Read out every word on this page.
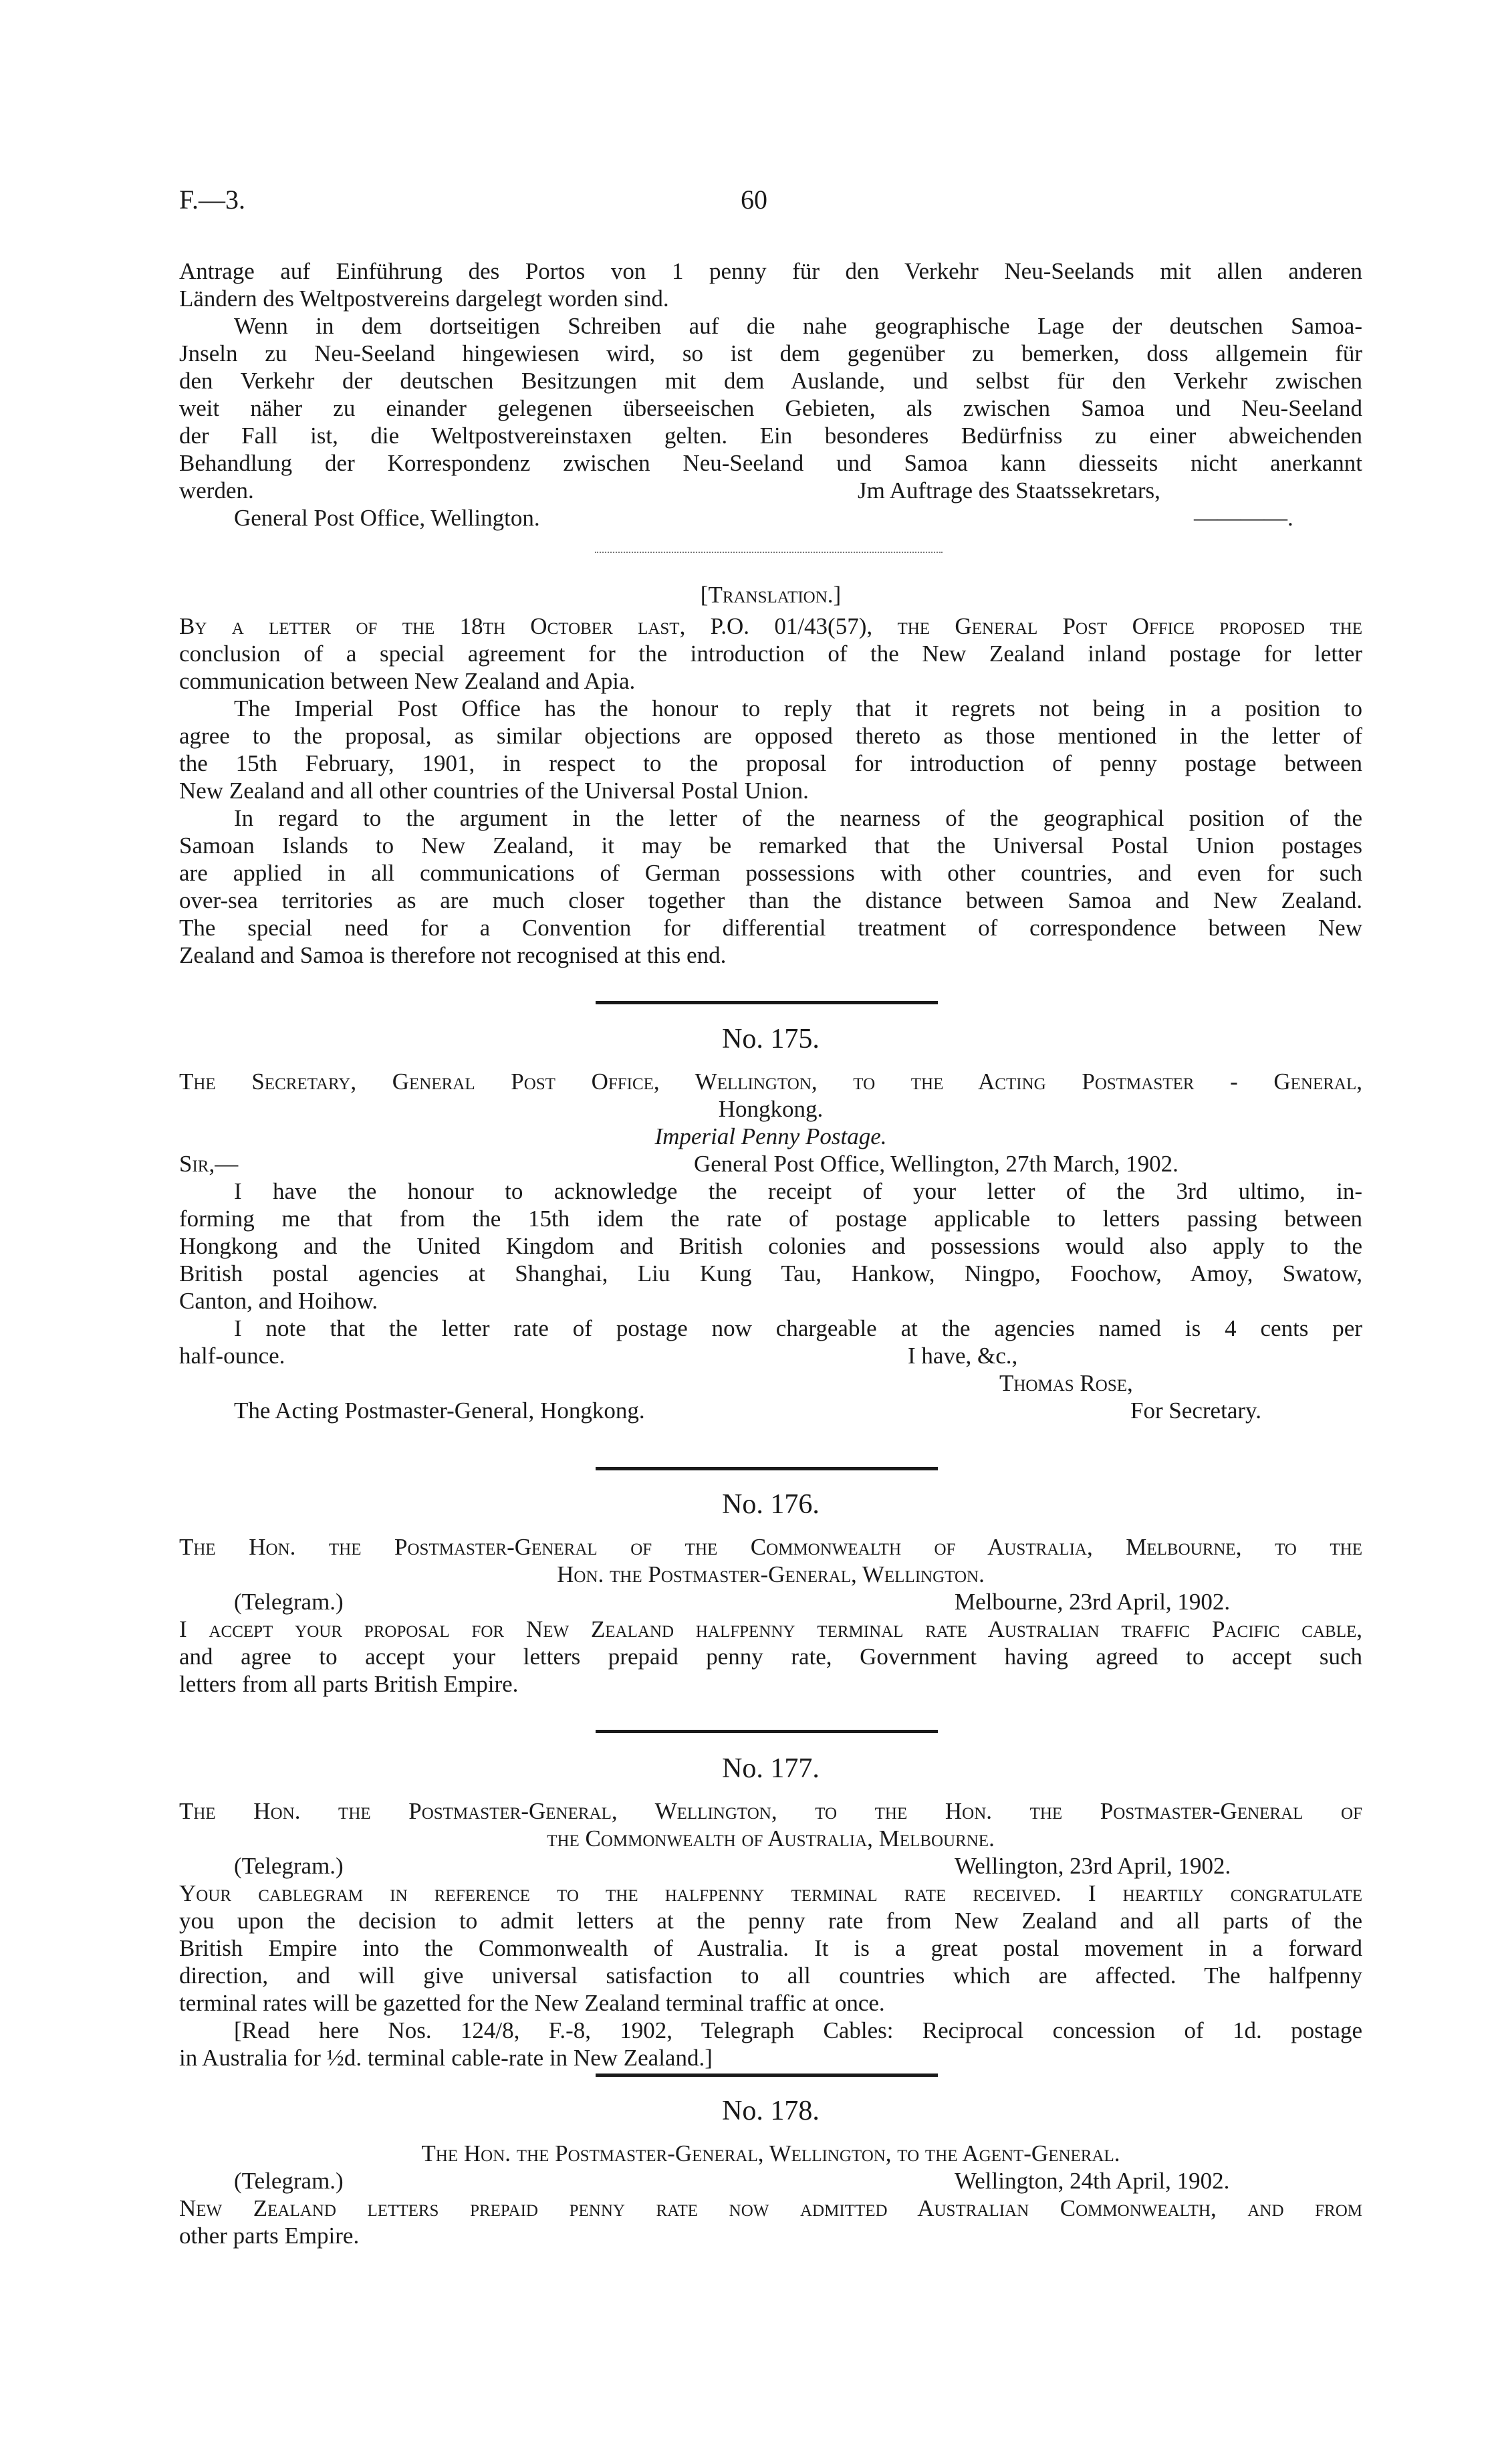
F.—3.	60

Antrage auf Einführung des Portos von 1 penny für den Verkehr Neu-Seelands mit allen anderen

Ländern des Weltpostvereins dargelegt worden sind.

Wenn in dem dortseitigen Schreiben auf die nahe geographische Lage der deutschen Samoa-

Jnseln zu Neu-Seeland hingewiesen wird, so ist dem gegenüber zu bemerken, doss allgemein für

den Verkehr der deutschen Besitzungen mit dem Auslande, und selbst für den Verkehr zwischen

weit näher zu einander gelegenen überseeischen Gebieten, als zwischen Samoa und Neu-Seeland

der Fall ist, die Weltpostvereinstaxen gelten. Ein besonderes Bedürfniss zu einer abweichenden

Behandlung der Korrespondenz zwischen Neu-Seeland und Samoa kann diesseits nicht anerkannt

werden.	Jm Auftrage des Staatssekretars,
General Post Office, Wellington.	————.
[Translation.]

By a letter of the 18th October last, P.O. 01/43(57), the General Post Office proposed the

conclusion of a special agreement for the introduction of the New Zealand inland postage for letter

communication between New Zealand and Apia.

The Imperial Post Office has the honour to reply that it regrets not being in a position to

agree to the proposal, as similar objections are opposed thereto as those mentioned in the letter of

the 15th February, 1901, in respect to the proposal for introduction of penny postage between

New Zealand and all other countries of the Universal Postal Union.

In regard to the argument in the letter of the nearness of the geographical position of the

Samoan Islands to New Zealand, it may be remarked that the Universal Postal Union postages

are applied in all communications of German possessions with other countries, and even for such

over-sea territories as are much closer together than the distance between Samoa and New Zealand.

The special need for a Convention for differential treatment of correspondence between New

Zealand and Samoa is therefore not recognised at this end.

No. 175.

The Secretary, General Post Office, Wellington, to the Acting Postmaster - General,

Hongkong.

Imperial Penny Postage.

Sir,—	General Post Office, Wellington, 27th March, 1902.

I have the honour to acknowledge the receipt of your letter of the 3rd ultimo, in-

forming me that from the 15th idem the rate of postage applicable to letters passing between

Hongkong and the United Kingdom and British colonies and possessions would also apply to the

British postal agencies at Shanghai, Liu Kung Tau, Hankow, Ningpo, Foochow, Amoy, Swatow,

Canton, and Hoihow.

I note that the letter rate of postage now chargeable at the agencies named is 4 cents per

half-ounce.	I have, &c.,
Thomas Rose,
The Acting Postmaster-General, Hongkong.	For Secretary.
No. 176.

The Hon. the Postmaster-General of the Commonwealth of Australia, Melbourne, to the

Hon. the Postmaster-General, Wellington.

(Telegram.)	Melbourne, 23rd April, 1902.

I accept your proposal for New Zealand halfpenny terminal rate Australian traffic Pacific cable,

and agree to accept your letters prepaid penny rate, Government having agreed to accept such

letters from all parts British Empire.

No. 177.

The Hon. the Postmaster-General, Wellington, to the Hon. the Postmaster-General of

the Commonwealth of Australia, Melbourne.

(Telegram.)	Wellington, 23rd April, 1902.

Your cablegram in reference to the halfpenny terminal rate received. I heartily congratulate

you upon the decision to admit letters at the penny rate from New Zealand and all parts of the

British Empire into the Commonwealth of Australia. It is a great postal movement in a forward

direction, and will give universal satisfaction to all countries which are affected. The halfpenny

terminal rates will be gazetted for the New Zealand terminal traffic at once.

[Read here Nos. 124/8, F.-8, 1902, Telegraph Cables: Reciprocal concession of 1d. postage

in Australia for ½d. terminal cable-rate in New Zealand.]

No. 178.

The Hon. the Postmaster-General, Wellington, to the Agent-General.

(Telegram.)	Wellington, 24th April, 1902.

New Zealand letters prepaid penny rate now admitted Australian Commonwealth, and from

other parts Empire.
